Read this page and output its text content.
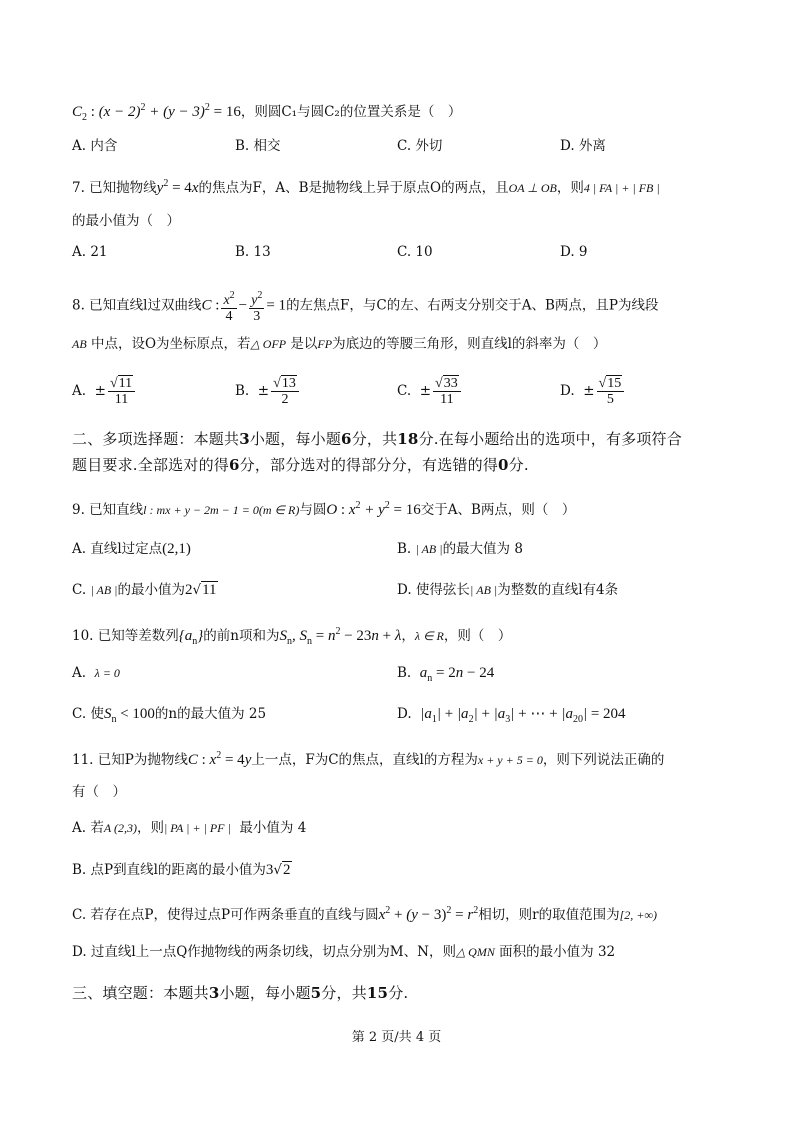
$C_2$ : $(x - 2)^2 + (y - 3)^2 = 16$，则圆C₁与圆C₂的位置关系是（　）
A. 内含	B. 相交	C. 外切	D. 外离
7. 已知抛物线$y^2 = 4x$的焦点为F，A、B是抛物线上异于原点O的两点，且OA ⊥ OB，则4 | FA | + | FB |
的最小值为（　）
A. 21	B. 13	C. 10	D. 9
8. 已知直线l过双曲线C : $\frac{x^2}{4} - \frac{y^2}{3} = 1$的左焦点F，与C的左、右两支分别交于A、B两点，且P为线段
AB 中点，设O为坐标原点，若△ OFP 是以FP为底边的等腰三角形，则直线l的斜率为（　）
A.  ± $\frac{√11}{11}$	B.  ± $\frac{√13}{2}$	C.  ± $\frac{√33}{11}$	D.  ± $\frac{√15}{5}$
二、多项选择题：本题共3小题，每小题6分，共18分.在每小题给出的选项中，有多项符合
题目要求.全部选对的得6分，部分选对的得部分分，有选错的得0分.
9. 已知直线l : mx + y − 2m − 1 = 0(m ∈ R)与圆O : $x^2 + y^2 = 16$交于A、B两点，则（　）
A. 直线l过定点(2,1)	B. | AB |的最大值为 8
C. | AB |的最小值为2√11	D. 使得弦长| AB |为整数的直线l有4条
10. 已知等差数列$\{a_n\}$的前n项和为$S_n$, $S_n = n^2 - 23n + \lambda$，λ ∈ R，则（　）
A.  λ = 0	B.  $a_n = 2n - 24$
C. 使$S_n < 100$的n的最大值为 25	D.  $|a_1| + |a_2| + |a_3|$ + ⋯ + $|a_{20}| = 204$
11. 已知P为抛物线C : $x^2 = 4y$上一点，F为C的焦点，直线l的方程为x + y + 5 = 0，则下列说法正确的
有（　）
A. 若A (2,3)，则| PA | + | PF | 最小值为 4
B. 点P到直线l的距离的最小值为3√2
C. 若存在点P，使得过点P可作两条垂直的直线与圆$x^2 + (y - 3)^2 = r^2$相切，则r的取值范围为[2, +∞)
D. 过直线l上一点Q作抛物线的两条切线，切点分别为M、N，则△ QMN 面积的最小值为 32
三、填空题：本题共3小题，每小题5分，共15分.
第 2 页/共 4 页
